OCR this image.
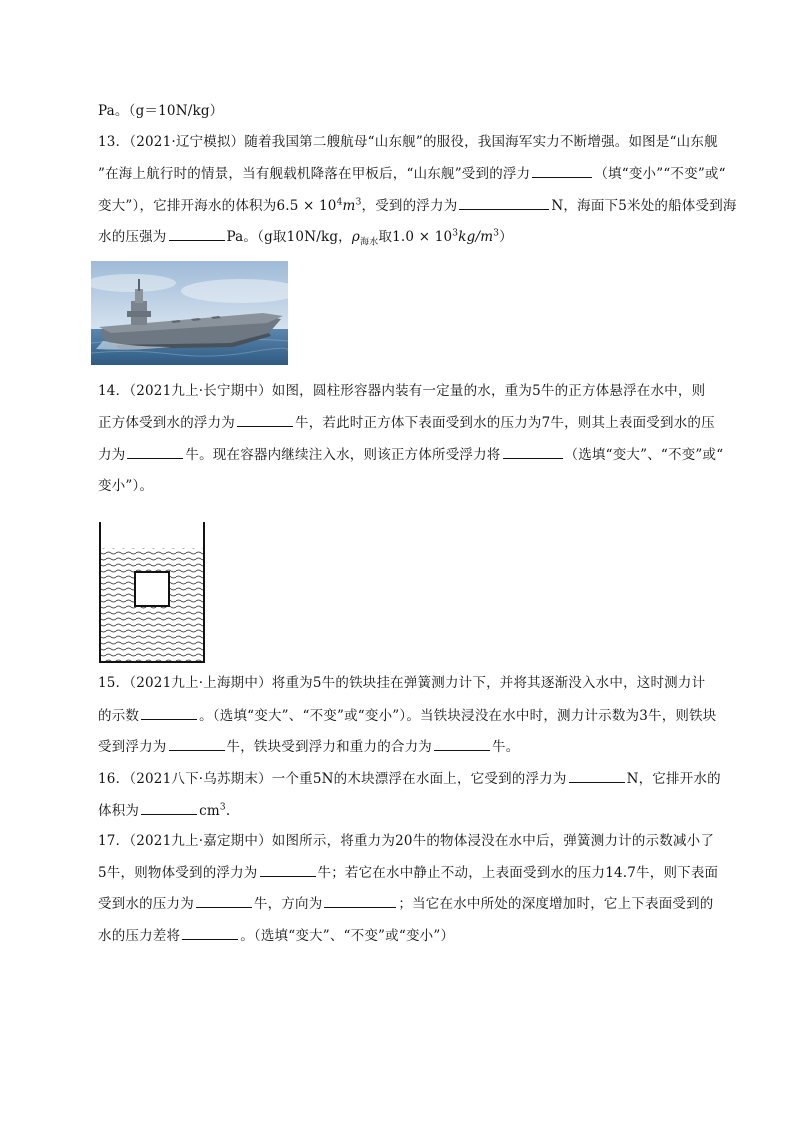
Pa。（g＝10N/kg）
13．（2021·辽宁模拟）随着我国第二艘航母“山东舰”的服役，我国海军实力不断增强。如图是“山东舰
”在海上航行时的情景，当有舰载机降落在甲板后，“山东舰”受到的浮力	（填“变小”“不变”或“
变大”），它排开海水的体积为$6.5 \times 10^4m^3$，受到的浮力为	N，海面下5米处的船体受到海
水的压强为	Pa。（g取10N/kg，$\rho_{海水}$取$1.0 \times 10^3kg/m^3$）
14．（2021九上·长宁期中）如图，圆柱形容器内装有一定量的水，重为5牛的正方体悬浮在水中，则
正方体受到水的浮力为	牛，若此时正方体下表面受到水的压力为7牛，则其上表面受到水的压
力为	牛。现在容器内继续注入水，则该正方体所受浮力将	（选填“变大”、“不变”或“
变小”）。
15．（2021九上·上海期中）将重为5牛的铁块挂在弹簧测力计下，并将其逐渐没入水中，这时测力计
的示数	。（选填“变大”、“不变”或“变小”）。当铁块浸没在水中时，测力计示数为3牛，则铁块
受到浮力为	牛，铁块受到浮力和重力的合力为	牛。
16．（2021八下·乌苏期末）一个重5N的木块漂浮在水面上，它受到的浮力为	N，它排开水的
体积为	$cm^3$.
17．（2021九上·嘉定期中）如图所示，将重力为20牛的物体浸没在水中后，弹簧测力计的示数减小了
5牛，则物体受到的浮力为	牛；若它在水中静止不动，上表面受到水的压力14.7牛，则下表面
受到水的压力为	牛，方向为	；当它在水中所处的深度增加时，它上下表面受到的
水的压力差将	。（选填“变大”、“不变”或“变小”）
